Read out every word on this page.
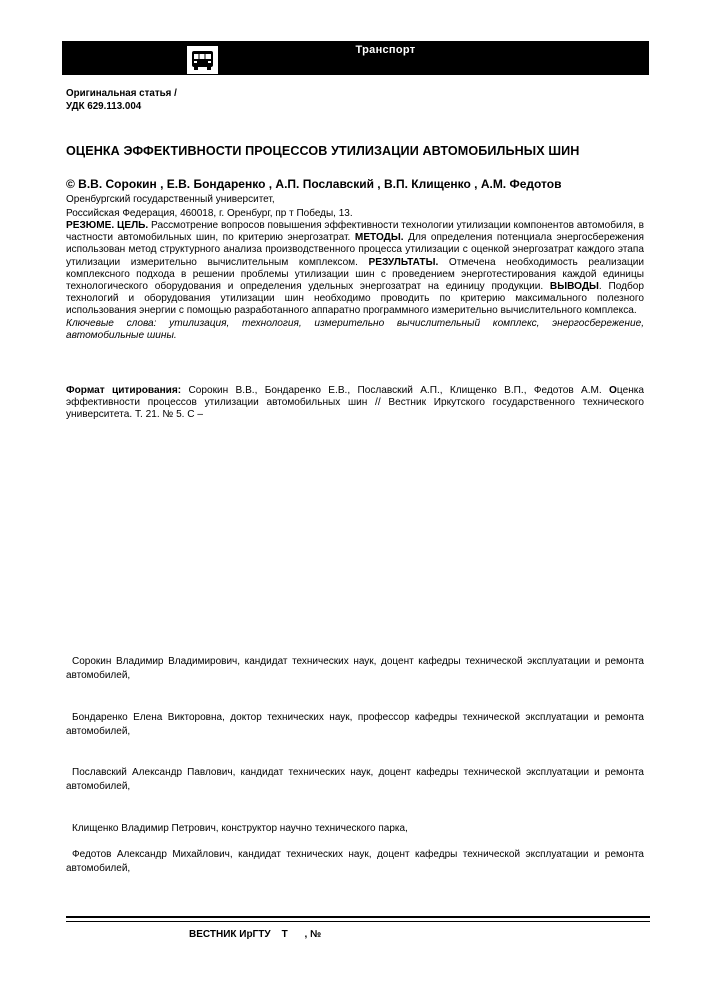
Транспорт
Оригинальная статья /
УДК 629.113.004
ОЦЕНКА ЭФФЕКТИВНОСТИ ПРОЦЕССОВ УТИЛИЗАЦИИ АВТОМОБИЛЬНЫХ ШИН
© В.В. Сорокин , Е.В. Бондаренко , А.П. Пославский , В.П. Клищенко , А.М. Федотов
Оренбургский государственный университет,
Российская Федерация, 460018, г. Оренбург, пр т Победы, 13.
РЕЗЮМЕ. ЦЕЛЬ. Рассмотрение вопросов повышения эффективности технологии утилизации компонентов автомобиля, в частности автомобильных шин, по критерию энергозатрат. МЕТОДЫ. Для определения потенциала энергосбережения использован метод структурного анализа производственного процесса утилизации с оценкой энергозатрат каждого этапа утилизации измерительно вычислительным комплексом. РЕЗУЛЬТАТЫ. Отмечена необходимость реализации комплексного подхода в решении проблемы утилизации шин с проведением энерготестирования каждой единицы технологического оборудования и определения удельных энергозатрат на единицу продукции. ВЫВОДЫ. Подбор технологий и оборудования утилизации шин необходимо проводить по критерию максимального полезного использования энергии с помощью разработанного аппаратно программного измерительно вычислительного комплекса.
Ключевые слова: утилизация, технология, измерительно вычислительный комплекс, энергосбережение, автомобильные шины.
Формат цитирования: Сорокин В.В., Бондаренко Е.В., Пославский А.П., Клищенко В.П., Федотов А.М. Оценка эффективности процессов утилизации автомобильных шин // Вестник Иркутского государственного технического университета. Т. 21. № 5. С –
Сорокин Владимир Владимирович, кандидат технических наук, доцент кафедры технической эксплуатации и ремонта автомобилей,
Бондаренко Елена Викторовна, доктор технических наук, профессор кафедры технической эксплуатации и ремонта автомобилей,
Пославский Александр Павлович, кандидат технических наук, доцент кафедры технической эксплуатации и ремонта автомобилей,
Клищенко Владимир Петрович, конструктор научно технического парка,
Федотов Александр Михайлович, кандидат технических наук, доцент кафедры технической эксплуатации и ремонта автомобилей,
ВЕСТНИК ИрГТУ    Т      , №
